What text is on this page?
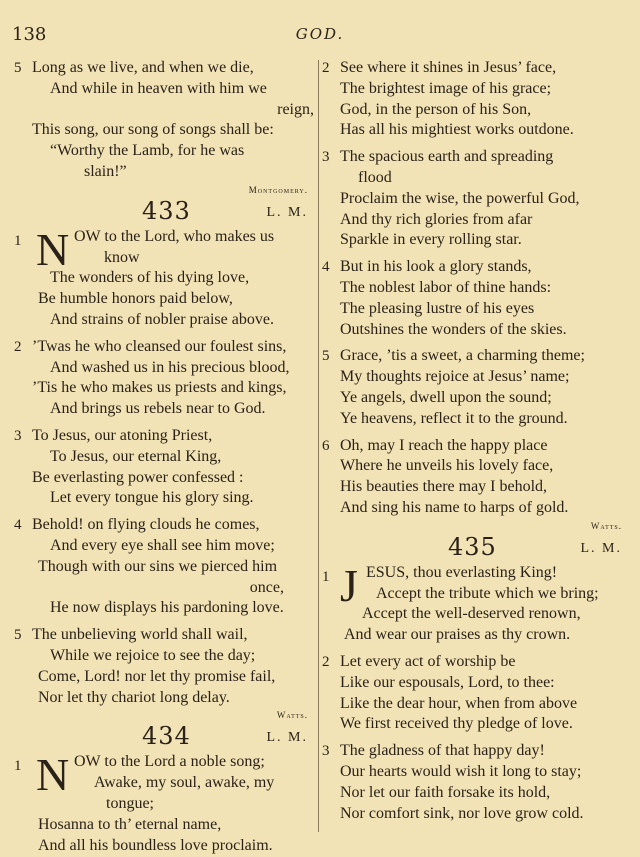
138	GOD.
5 Long as we live, and when we die,
And while in heaven with him we
reign,
This song, our song of songs shall be:
“Worthy the Lamb, for he was
slain!”
Montgomery.
433	L. M.
1 N OW to the Lord, who makes us
know
The wonders of his dying love,
Be humble honors paid below,
And strains of nobler praise above.
2 ’Twas he who cleansed our foulest sins,
And washed us in his precious blood,
’Tis he who makes us priests and kings,
And brings us rebels near to God.
3 To Jesus, our atoning Priest,
To Jesus, our eternal King,
Be everlasting power confessed :
Let every tongue his glory sing.
4 Behold! on flying clouds he comes,
And every eye shall see him move;
Though with our sins we pierced him
once,
He now displays his pardoning love.
5 The unbelieving world shall wail,
While we rejoice to see the day;
Come, Lord! nor let thy promise fail,
Nor let thy chariot long delay.
Watts.
434	L. M.
1 N OW to the Lord a noble song;
Awake, my soul, awake, my
tongue;
Hosanna to th’ eternal name,
And all his boundless love proclaim.
2 See where it shines in Jesus’ face,
The brightest image of his grace;
God, in the person of his Son,
Has all his mightiest works outdone.
3 The spacious earth and spreading
flood
Proclaim the wise, the powerful God,
And thy rich glories from afar
Sparkle in every rolling star.
4 But in his look a glory stands,
The noblest labor of thine hands:
The pleasing lustre of his eyes
Outshines the wonders of the skies.
5 Grace, ’tis a sweet, a charming theme;
My thoughts rejoice at Jesus’ name;
Ye angels, dwell upon the sound;
Ye heavens, reflect it to the ground.
6 Oh, may I reach the happy place
Where he unveils his lovely face,
His beauties there may I behold,
And sing his name to harps of gold.
Watts.
435	L. M.
1 J ESUS, thou everlasting King!
Accept the tribute which we bring;
Accept the well-deserved renown,
And wear our praises as thy crown.
2 Let every act of worship be
Like our espousals, Lord, to thee:
Like the dear hour, when from above
We first received thy pledge of love.
3 The gladness of that happy day!
Our hearts would wish it long to stay;
Nor let our faith forsake its hold,
Nor comfort sink, nor love grow cold.
